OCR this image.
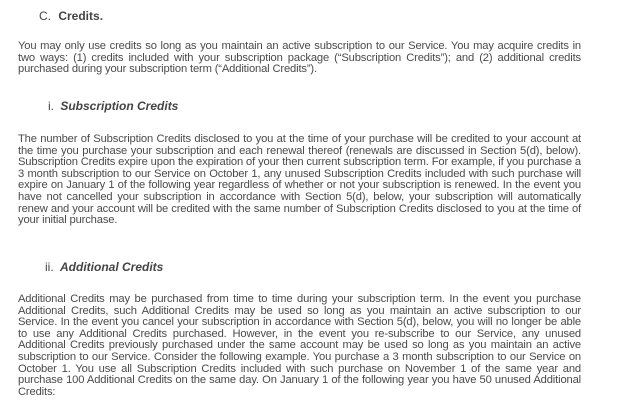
C. Credits.

You may only use credits so long as you maintain an active subscription to our Service. You may acquire credits in two ways: (1) credits included with your subscription package (“Subscription Credits”); and (2) additional credits purchased during your subscription term (“Additional Credits”).

i. Subscription Credits

The number of Subscription Credits disclosed to you at the time of your purchase will be credited to your account at the time you purchase your subscription and each renewal thereof (renewals are discussed in Section 5(d), below). Subscription Credits expire upon the expiration of your then current subscription term. For example, if you purchase a 3 month subscription to our Service on October 1, any unused Subscription Credits included with such purchase will expire on January 1 of the following year regardless of whether or not your subscription is renewed. In the event you have not cancelled your subscription in accordance with Section 5(d), below, your subscription will automatically renew and your account will be credited with the same number of Subscription Credits disclosed to you at the time of your initial purchase.

ii. Additional Credits

Additional Credits may be purchased from time to time during your subscription term. In the event you purchase Additional Credits, such Additional Credits may be used so long as you maintain an active subscription to our Service. In the event you cancel your subscription in accordance with Section 5(d), below, you will no longer be able to use any Additional Credits purchased. However, in the event you re-subscribe to our Service, any unused Additional Credits previously purchased under the same account may be used so long as you maintain an active subscription to our Service. Consider the following example. You purchase a 3 month subscription to our Service on October 1. You use all Subscription Credits included with such purchase on November 1 of the same year and purchase 100 Additional Credits on the same day. On January 1 of the following year you have 50 unused Additional Credits:
